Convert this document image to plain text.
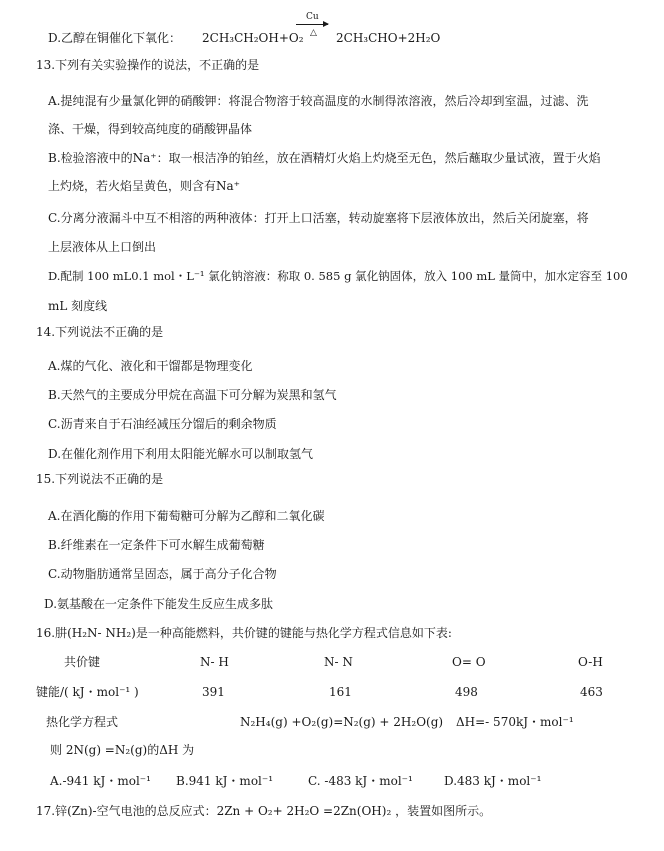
D.乙醇在铜催化下氧化： 2CH₃CH₂OH+O₂
Cu
△ 2CH₃CHO+2H₂O
13.下列有关实验操作的说法，不正确的是
A.提纯混有少量氯化钾的硝酸钾：将混合物溶于较高温度的水制得浓溶液，然后冷却到室温，过滤、洗
涤、干燥，得到较高纯度的硝酸钾晶体
B.检验溶液中的Na⁺：取一根洁净的铂丝，放在酒精灯火焰上灼烧至无色，然后蘸取少量试液，置于火焰
上灼烧，若火焰呈黄色，则含有Na⁺
C.分离分液漏斗中互不相溶的两种液体：打开上口活塞，转动旋塞将下层液体放出，然后关闭旋塞，将
上层液体从上口倒出
D.配制 100 mL0.1 mol・L⁻¹ 氯化钠溶液：称取 0. 585 g 氯化钠固体，放入 100 mL 量筒中，加水定容至 100
mL 刻度线
14.下列说法不正确的是
A.煤的气化、液化和干馏都是物理变化
B.天然气的主要成分甲烷在高温下可分解为炭黑和氢气
C.沥青来自于石油经减压分馏后的剩余物质
D.在催化剂作用下利用太阳能光解水可以制取氢气
15.下列说法不正确的是
A.在酒化酶的作用下葡萄糖可分解为乙醇和二氧化碳
B.纤维素在一定条件下可水解生成葡萄糖
C.动物脂肪通常呈固态，属于高分子化合物
D.氨基酸在一定条件下能发生反应生成多肽
16.肼(H₂N- NH₂)是一种高能燃料，共价键的键能与热化学方程式信息如下表:
共价键	N- H	N- N	O= O	O-H
键能/( kJ・mol⁻¹ )	391	161	498	463
热化学方程式	N₂H₄(g) +O₂(g)=N₂(g) + 2H₂O(g) ΔH=- 570kJ・mol⁻¹
则 2N(g) =N₂(g)的ΔH 为
A.-941 kJ・mol⁻¹ B.941 kJ・mol⁻¹	C. -483 kJ・mol⁻¹	D.483 kJ・mol⁻¹
17.锌(Zn)-空气电池的总反应式：2Zn + O₂+ 2H₂O =2Zn(OH)₂ ，装置如图所示。
